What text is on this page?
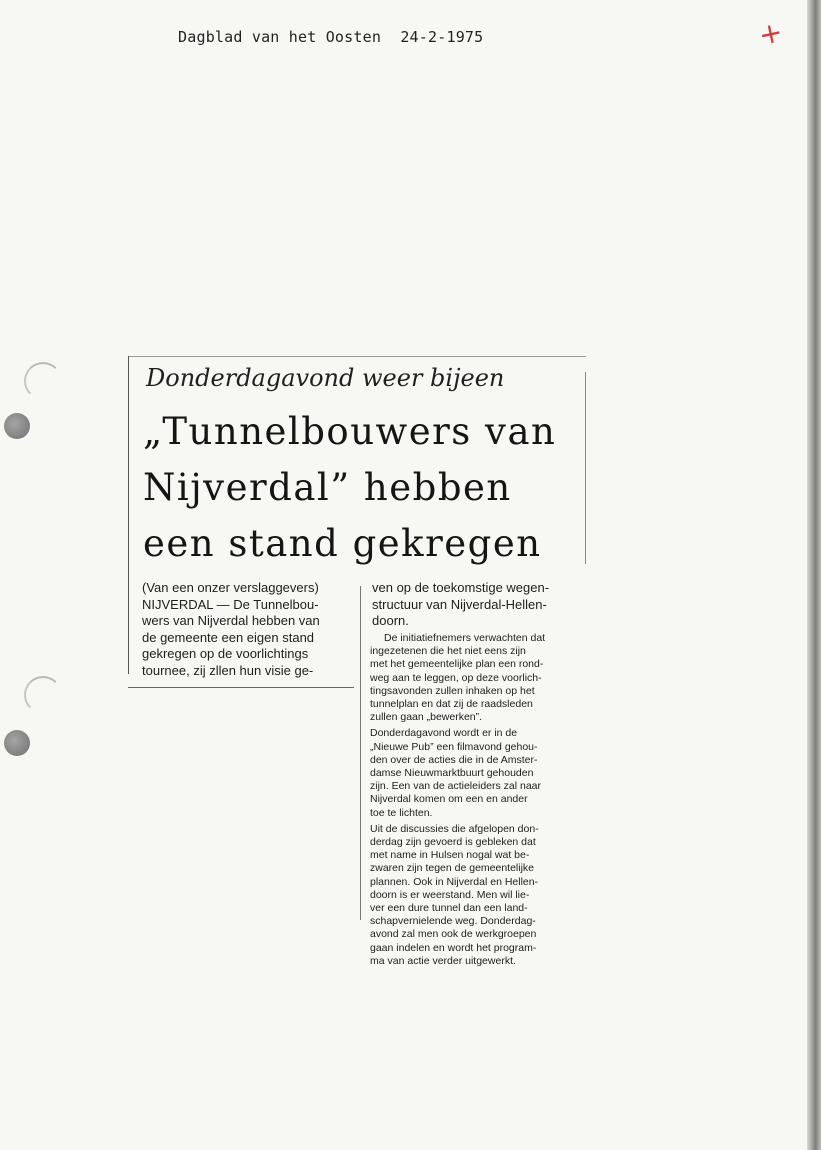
Dagblad van het Oosten 24-2-1975	+
Donderdagavond weer bijeen
„Tunnelbouwers van
Nijverdal” hebben
een stand gekregen
(Van een onzer verslaggevers)
NIJVERDAL — De Tunnelbou-
wers van Nijverdal hebben van
de gemeente een eigen stand
gekregen op de voorlichtings
tournee, zij zllen hun visie ge-
ven op de toekomstige wegen-
structuur van Nijverdal-Hellen-
doorn.

De initiatiefnemers verwachten dat
ingezetenen die het niet eens zijn
met het gemeentelijke plan een rond-
weg aan te leggen, op deze voorlich-
tingsavonden zullen inhaken op het
tunnelplan en dat zij de raadsleden
zullen gaan „bewerken”.

Donderdagavond wordt er in de
„Nieuwe Pub” een filmavond gehou-
den over de acties die in de Amster-
damse Nieuwmarktbuurt gehouden
zijn. Een van de actieleiders zal naar
Nijverdal komen om een en ander
toe te lichten.

Uit de discussies die afgelopen don-
derdag zijn gevoerd is gebleken dat
met name in Hulsen nogal wat be-
zwaren zijn tegen de gemeentelijke
plannen. Ook in Nijverdal en Hellen-
doorn is er weerstand. Men wil lie-
ver een dure tunnel dan een land-
schapvernielende weg. Donderdag-
avond zal men ook de werkgroepen
gaan indelen en wordt het program-
ma van actie verder uitgewerkt.
